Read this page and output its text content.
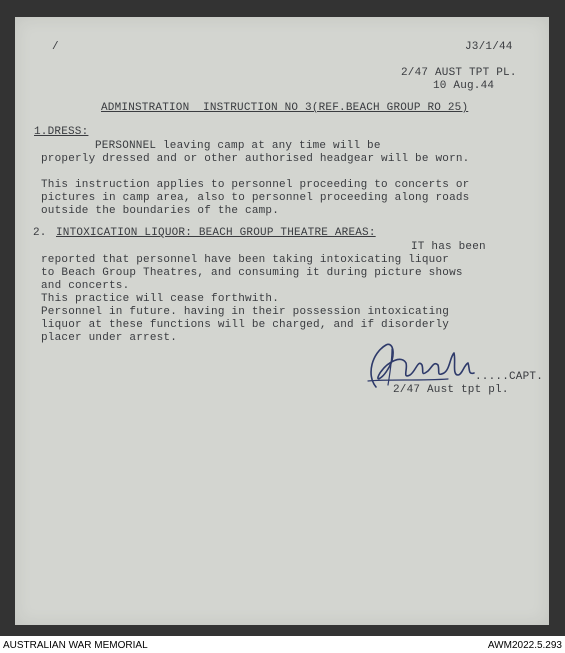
/	J3/1/44
2/47 AUST TPT PL.
10 Aug.44
ADMINSTRATION  INSTRUCTION NO 3(REF.BEACH GROUP RO 25)
1.DRESS:
PERSONNEL leaving camp at any time will be
properly dressed and or other authorised headgear will be worn.
This instruction applies to personnel proceeding to concerts or
pictures in camp area, also to personnel proceeding along roads
outside the boundaries of the camp.
2. INTOXICATION LIQUOR: BEACH GROUP THEATRE AREAS:
IT has been
reported that personnel have been taking intoxicating liquor
to Beach Group Theatres, and consuming it during picture shows
and concerts.
This practice will cease forthwith.
Personnel in future. having in their possession intoxicating
liquor at these functions will be charged, and if disorderly
placer under arrest.
.....CAPT.
2/47 Aust tpt pl.
AUSTRALIAN WAR MEMORIAL	AWM2022.5.293
